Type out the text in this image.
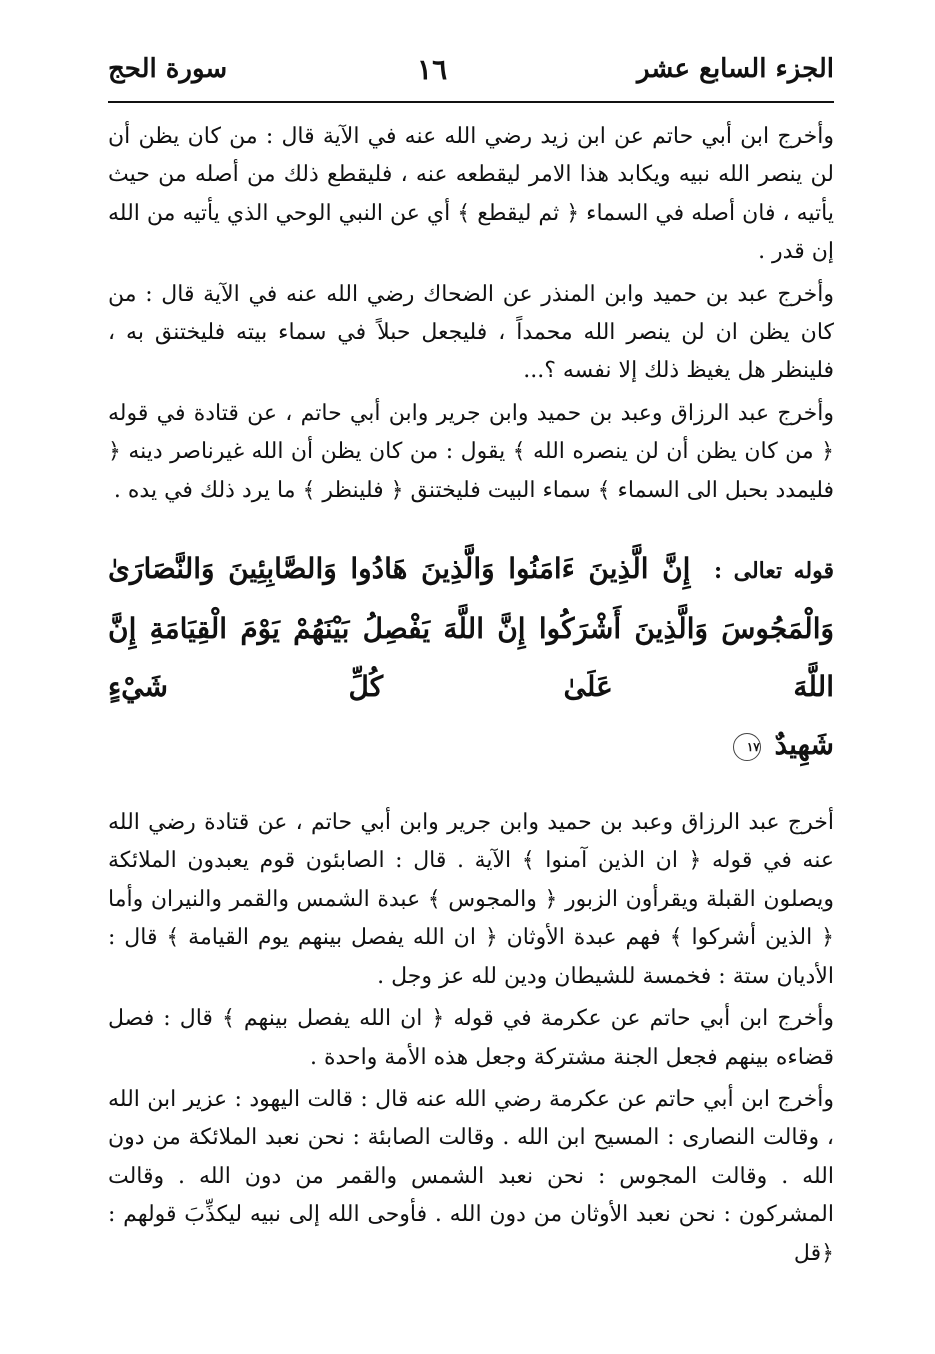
الجزء السابع عشر
١٦
سورة الحج

وأخرج ابن أبي حاتم عن ابن زيد رضي الله عنه في الآية قال : من كان يظن أن لن ينصر الله نبيه ويكابد هذا الامر ليقطعه عنه ، فليقطع ذلك من أصله من حيث يأتيه ، فان أصله في السماء ﴿ ثم ليقطع ﴾ أي عن النبي الوحي الذي يأتيه من الله إن قدر .

وأخرج عبد بن حميد وابن المنذر عن الضحاك رضي الله عنه في الآية قال : من كان يظن ان لن ينصر الله محمداً ، فليجعل حبلاً في سماء بيته فليختنق به ، فلينظر هل يغيظ ذلك إلا نفسه ؟...

وأخرج عبد الرزاق وعبد بن حميد وابن جرير وابن أبي حاتم ، عن قتادة في قوله ﴿ من كان يظن أن لن ينصره الله ﴾ يقول : من كان يظن أن الله غيرناصر دينه ﴿ فليمدد بحبل الى السماء ﴾ سماء البيت فليختنق ﴿ فلينظر ﴾ ما يرد ذلك في يده .

قوله تعالى : إِنَّ الَّذِينَ ءَامَنُوا وَالَّذِينَ هَادُوا وَالصَّابِئِينَ وَالنَّصَارَىٰ
وَالْمَجُوسَ وَالَّذِينَ أَشْرَكُوا إِنَّ اللَّهَ يَفْصِلُ بَيْنَهُمْ يَوْمَ الْقِيَامَةِ إِنَّ اللَّهَ عَلَىٰ كُلِّ شَيْءٍ
شَهِيدٌ ١٧

أخرج عبد الرزاق وعبد بن حميد وابن جرير وابن أبي حاتم ، عن قتادة رضي الله عنه في قوله ﴿ ان الذين آمنوا ﴾ الآية . قال : الصابئون قوم يعبدون الملائكة ويصلون القبلة ويقرأون الزبور ﴿ والمجوس ﴾ عبدة الشمس والقمر والنيران وأما ﴿ الذين أشركوا ﴾ فهم عبدة الأوثان ﴿ ان الله يفصل بينهم يوم القيامة ﴾ قال : الأديان ستة : فخمسة للشيطان ودين لله عز وجل .

وأخرج ابن أبي حاتم عن عكرمة في قوله ﴿ ان الله يفصل بينهم ﴾ قال : فصل قضاءه بينهم فجعل الجنة مشتركة وجعل هذه الأمة واحدة .

وأخرج ابن أبي حاتم عن عكرمة رضي الله عنه قال : قالت اليهود : عزير ابن الله ، وقالت النصارى : المسيح ابن الله . وقالت الصابئة : نحن نعبد الملائكة من دون الله . وقالت المجوس : نحن نعبد الشمس والقمر من دون الله . وقالت المشركون : نحن نعبد الأوثان من دون الله . فأوحى الله إلى نبيه ليكذِّبَ قولهم : ﴿قل
